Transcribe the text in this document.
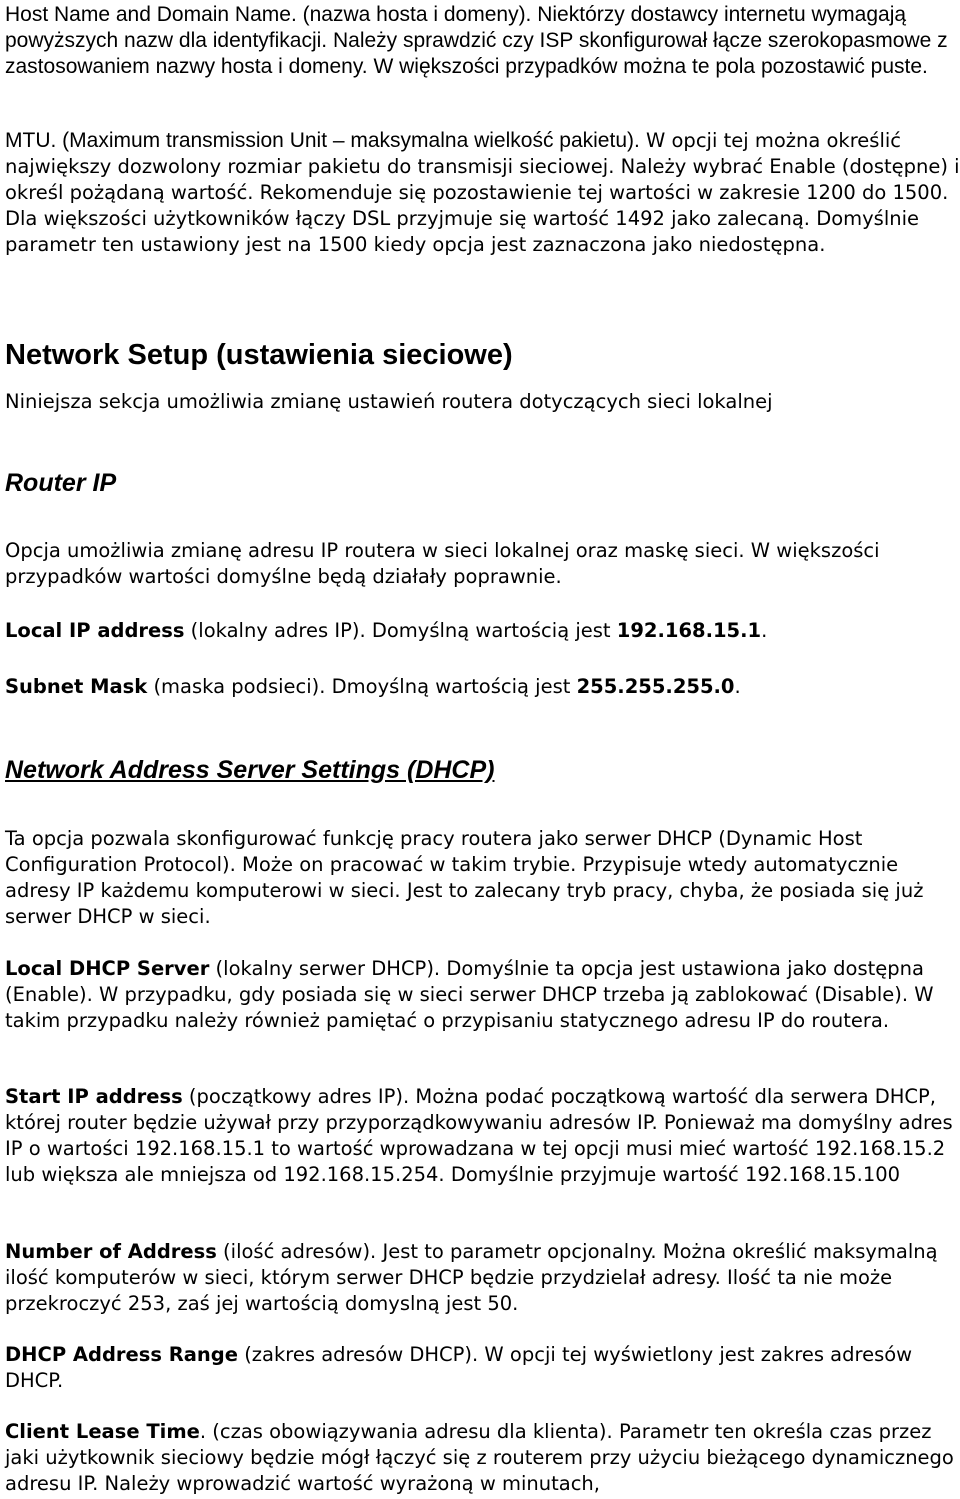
Host Name and Domain Name. (nazwa hosta i domeny). Niektórzy dostawcy internetu wymagają powyższych nazw dla identyfikacji. Należy sprawdzić czy ISP skonfigurował łącze szerokopasmowe z zastosowaniem nazwy hosta i domeny. W większości przypadków można te pola pozostawić puste.

MTU. (Maximum transmission Unit – maksymalna wielkość pakietu). W opcji tej można określić największy dozwolony rozmiar pakietu do transmisji sieciowej. Należy wybrać Enable (dostępne) i określ pożądaną wartość. Rekomenduje się pozostawienie tej wartości w zakresie 1200 do 1500. Dla większości użytkowników łączy DSL przyjmuje się wartość 1492 jako zalecaną. Domyślnie parametr ten ustawiony jest na 1500 kiedy opcja jest zaznaczona jako niedostępna.

Network Setup (ustawienia sieciowe)

Niniejsza sekcja umożliwia zmianę ustawień routera dotyczących sieci lokalnej

Router IP

Opcja umożliwia zmianę adresu IP routera w sieci lokalnej oraz maskę sieci. W większości przypadków wartości domyślne będą działały poprawnie.

Local IP address (lokalny adres IP). Domyślną wartością jest 192.168.15.1.

Subnet Mask (maska podsieci). Dmoyślną wartością jest 255.255.255.0.

Network Address Server Settings (DHCP)

Ta opcja pozwala skonfigurować funkcję pracy routera jako serwer DHCP (Dynamic Host Configuration Protocol). Może on pracować w takim trybie. Przypisuje wtedy automatycznie adresy IP każdemu komputerowi w sieci. Jest to zalecany tryb pracy, chyba, że posiada się już serwer DHCP w sieci.

Local DHCP Server (lokalny serwer DHCP). Domyślnie ta opcja jest ustawiona jako dostępna (Enable). W przypadku, gdy posiada się w sieci serwer DHCP trzeba ją zablokować (Disable). W takim przypadku należy również pamiętać o przypisaniu statycznego adresu IP do routera.

Start IP address (początkowy adres IP). Można podać początkową wartość dla serwera DHCP, której router będzie używał przy przyporządkowywaniu adresów IP. Ponieważ ma domyślny adres IP o wartości 192.168.15.1 to wartość wprowadzana w tej opcji musi mieć wartość 192.168.15.2 lub większa ale mniejsza od 192.168.15.254. Domyślnie przyjmuje wartość 192.168.15.100

Number of Address (ilość adresów). Jest to parametr opcjonalny. Można określić maksymalną ilość komputerów w sieci, którym serwer DHCP będzie przydzielał adresy. Ilość ta nie może przekroczyć 253, zaś jej wartością domyslną jest 50.

DHCP Address Range (zakres adresów DHCP). W opcji tej wyświetlony jest zakres adresów DHCP.

Client Lease Time. (czas obowiązywania adresu dla klienta). Parametr ten określa czas przez jaki użytkownik sieciowy będzie mógł łączyć się z routerem przy użyciu bieżącego dynamicznego adresu IP. Należy wprowadzić wartość wyrażoną w minutach,
